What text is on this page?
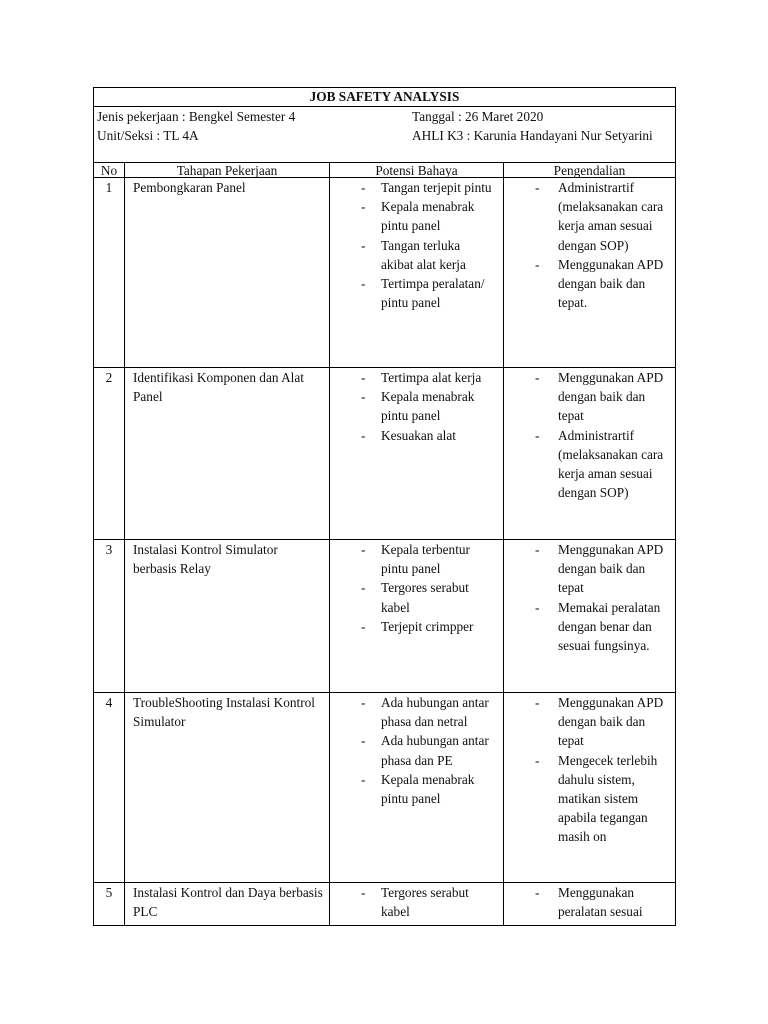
JOB SAFETY ANALYSIS
Jenis pekerjaan : Bengkel Semester 4
Unit/Seksi : TL 4A
Tanggal : 26 Maret 2020
AHLI K3 : Karunia Handayani Nur Setyarini
No	Tahapan Pekerjaan	Potensi Bahaya	Pengendalian
1	Pembongkaran Panel
-	Tangan terjepit pintu
- Kepala menabrak pintu panel
- Tangan terluka akibat alat kerja
- Tertimpa peralatan/ pintu panel
- Administrartif (melaksanakan cara kerja aman sesuai dengan SOP)
- Menggunakan APD dengan baik dan tepat.
2	Identifikasi Komponen dan Alat Panel
- Tertimpa alat kerja
- Kepala menabrak pintu panel
- Kesuakan alat
- Menggunakan APD dengan baik dan tepat
- Administrartif (melaksanakan cara kerja aman sesuai dengan SOP)
3	Instalasi Kontrol Simulator berbasis Relay
- Kepala terbentur pintu panel
- Tergores serabut kabel
- Terjepit crimpper
- Menggunakan APD dengan baik dan tepat
- Memakai peralatan dengan benar dan sesuai fungsinya.
4	TroubleShooting Instalasi Kontrol Simulator
- Ada hubungan antar phasa dan netral
- Ada hubungan antar phasa dan PE
- Kepala menabrak pintu panel
- Menggunakan APD dengan baik dan tepat
- Mengecek terlebih dahulu sistem, matikan sistem apabila tegangan masih on
5	Instalasi Kontrol dan Daya berbasis PLC
- Tergores serabut kabel
- Menggunakan peralatan sesuai
